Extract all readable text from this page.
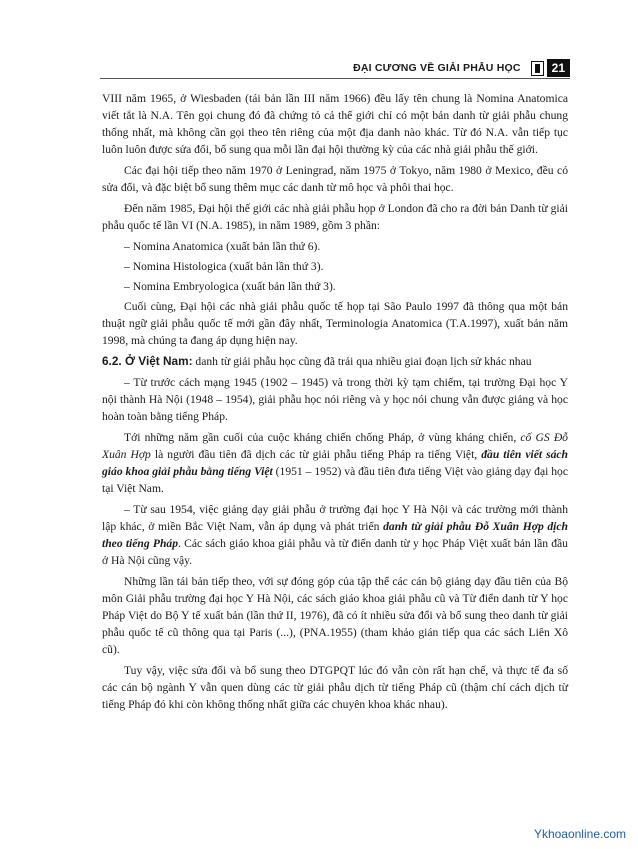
ĐẠI CƯƠNG VỀ GIẢI PHẪU HỌC	21

VIII năm 1965, ở Wiesbaden (tái bản lần III năm 1966) đều lấy tên chung là Nomina Anatomica viết tắt là N.A. Tên gọi chung đó đã chứng tỏ cả thế giới chỉ có một bản danh từ giải phẫu chung thống nhất, mà không cần gọi theo tên riêng của một địa danh nào khác. Từ đó N.A. vẫn tiếp tục luôn luôn được sửa đổi, bổ sung qua mỗi lần đại hội thường kỳ của các nhà giải phẫu thế giới.

Các đại hội tiếp theo năm 1970 ở Leningrad, năm 1975 ở Tokyo, năm 1980 ở Mexico, đều có sửa đổi, và đặc biệt bổ sung thêm mục các danh từ mô học và phôi thai học.

Đến năm 1985, Đại hội thế giới các nhà giải phẫu họp ở London đã cho ra đời bản Danh từ giải phẫu quốc tế lần VI (N.A. 1985), in năm 1989, gồm 3 phần:

– Nomina Anatomica (xuất bản lần thứ 6).

– Nomina Histologica (xuất bản lần thứ 3).

– Nomina Embryologica (xuất bản lần thứ 3).

Cuối cùng, Đại hội các nhà giải phẫu quốc tế họp tại São Paulo 1997 đã thông qua một bản thuật ngữ giải phẫu quốc tế mới gần đây nhất, Terminologia Anatomica (T.A.1997), xuất bản năm 1998, mà chúng ta đang áp dụng hiện nay.

6.2. Ở Việt Nam: danh từ giải phẫu học cũng đã trải qua nhiều giai đoạn lịch sử khác nhau

– Từ trước cách mạng 1945 (1902 – 1945) và trong thời kỳ tạm chiếm, tại trường Đại học Y nội thành Hà Nội (1948 – 1954), giải phẫu học nói riêng và y học nói chung vẫn được giảng và học hoàn toàn bằng tiếng Pháp.

Tới những năm gần cuối của cuộc kháng chiến chống Pháp, ở vùng kháng chiến, cố GS Đỗ Xuân Hợp là người đầu tiên đã dịch các từ giải phẫu tiếng Pháp ra tiếng Việt, đầu tiên viết sách giáo khoa giải phẫu bằng tiếng Việt (1951 – 1952) và đầu tiên đưa tiếng Việt vào giảng dạy đại học tại Việt Nam.

– Từ sau 1954, việc giảng dạy giải phẫu ở trường đại học Y Hà Nội và các trường mới thành lập khác, ở miền Bắc Việt Nam, vẫn áp dụng và phát triển danh từ giải phẫu Đỗ Xuân Hợp dịch theo tiếng Pháp. Các sách giáo khoa giải phẫu và từ điển danh từ y học Pháp Việt xuất bản lần đầu ở Hà Nội cũng vậy.

Những lần tái bản tiếp theo, với sự đóng góp của tập thể các cán bộ giảng dạy đầu tiên của Bộ môn Giải phẫu trường đại học Y Hà Nội, các sách giáo khoa giải phẫu cũ và Từ điển danh từ Y học Pháp Việt do Bộ Y tế xuất bản (lần thứ II, 1976), đã có ít nhiều sửa đổi và bổ sung theo danh từ giải phẫu quốc tế cũ thông qua tại Paris (...), (PNA.1955) (tham khảo gián tiếp qua các sách Liên Xô cũ).

Tuy vậy, việc sửa đổi và bổ sung theo DTGPQT lúc đó vẫn còn rất hạn chế, và thực tế đa số các cán bộ ngành Y vẫn quen dùng các từ giải phẫu dịch từ tiếng Pháp cũ (thậm chí cách dịch từ tiếng Pháp đó khi còn không thống nhất giữa các chuyên khoa khác nhau).

Ykhoaonline.com
